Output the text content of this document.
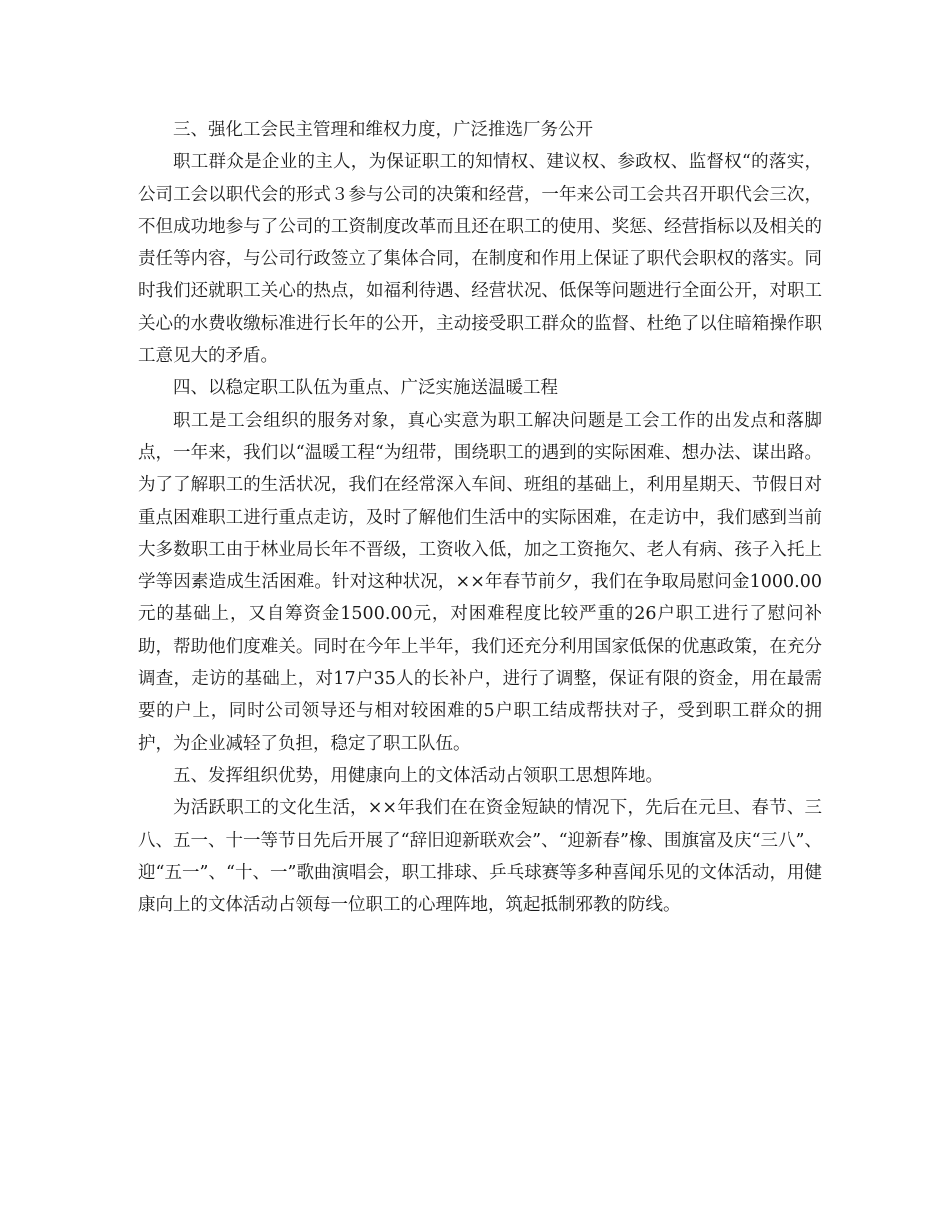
三、强化工会民主管理和维权力度，广泛推选厂务公开

职工群众是企业的主人，为保证职工的知情权、建议权、参政权、监督权“的落实，公司工会以职代会的形式３参与公司的决策和经营，一年来公司工会共召开职代会三次，不但成功地参与了公司的工资制度改革而且还在职工的使用、奖惩、经营指标以及相关的责任等内容，与公司行政签立了集体合同，在制度和作用上保证了职代会职权的落实。同时我们还就职工关心的热点，如福利待遇、经营状况、低保等问题进行全面公开，对职工关心的水费收缴标准进行长年的公开，主动接受职工群众的监督、杜绝了以住暗箱操作职工意见大的矛盾。

四、以稳定职工队伍为重点、广泛实施送温暖工程

职工是工会组织的服务对象，真心实意为职工解决问题是工会工作的出发点和落脚点，一年来，我们以“温暖工程“为纽带，围绕职工的遇到的实际困难、想办法、谋出路。为了了解职工的生活状况，我们在经常深入车间、班组的基础上，利用星期天、节假日对重点困难职工进行重点走访，及时了解他们生活中的实际困难，在走访中，我们感到当前大多数职工由于林业局长年不晋级，工资收入低，加之工资拖欠、老人有病、孩子入托上学等因素造成生活困难。针对这种状况，××年春节前夕，我们在争取局慰问金1000.00元的基础上，又自筹资金1500.00元，对困难程度比较严重的26户职工进行了慰问补助，帮助他们度难关。同时在今年上半年，我们还充分利用国家低保的优惠政策，在充分调查，走访的基础上，对17户35人的长补户，进行了调整，保证有限的资金，用在最需要的户上，同时公司领导还与相对较困难的5户职工结成帮扶对子，受到职工群众的拥护，为企业减轻了负担，稳定了职工队伍。

五、发挥组织优势，用健康向上的文体活动占领职工思想阵地。

为活跃职工的文化生活，××年我们在在资金短缺的情况下，先后在元旦、春节、三八、五一、十一等节日先后开展了“辞旧迎新联欢会”、“迎新春”橡、围旗富及庆“三八”、迎“五一”、“十、一”歌曲演唱会，职工排球、乒乓球赛等多种喜闻乐见的文体活动，用健康向上的文体活动占领每一位职工的心理阵地，筑起抵制邪教的防线。
